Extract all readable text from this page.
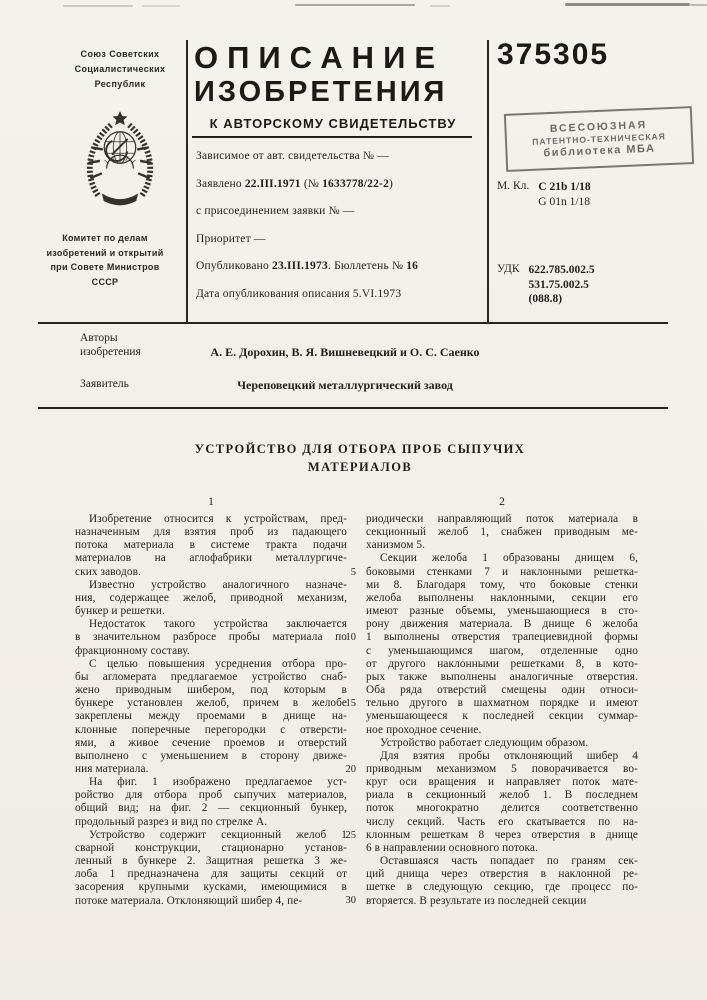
Союз Советских
Социалистических
Республик
Комитет по делам
изобретений и открытий
при Совете Министров
СССР
ОПИСАНИЕ
ИЗОБРЕТЕНИЯ
К АВТОРСКОМУ СВИДЕТЕЛЬСТВУ
Зависимое от авт. свидетельства № —
Заявлено 22.III.1971 (№ 1633778/22-2)
с присоединением заявки № —
Приоритет —
Опубликовано 23.III.1973. Бюллетень № 16
Дата опубликования описания 5.VI.1973
375305
ВСЕСОЮЗНАЯ
ПАТЕНТНО-ТЕХНИЧЕСКАЯ
библиотека МБА
М. Кл. C 21b 1/18
G 01n 1/18
УДК 622.785.002.5
531.75.002.5
(088.8)
Авторы
изобретения	А. Е. Дорохин, В. Я. Вишневецкий и О. С. Саенко
Заявитель	Череповецкий металлургический завод
УСТРОЙСТВО ДЛЯ ОТБОРА ПРОБ СЫПУЧИХ
МАТЕРИАЛОВ
1	2
Изобретение относится к устройствам, пред-
назначенным для взятия проб из падающего
потока материала в системе тракта подачи
материалов на аглофабрики металлургиче-
ских заводов.
Известно устройство аналогичного назначе-
ния, содержащее желоб, приводной механизм,
бункер и решетки.
Недостаток такого устройства заключается
в значительном разбросе пробы материала по
фракционному составу.
С целью повышения усреднения отбора про-
бы агломерата предлагаемое устройство снаб-
жено приводным шибером, под которым в
бункере установлен желоб, причем в желобе
закреплены между проемами в днище на-
клонные поперечные перегородки с отверсти-
ями, а живое сечение проемов и отверстий
выполнено с уменьшением в сторону движе-
ния материала.
На фиг. 1 изображено предлагаемое уст-
ройство для отбора проб сыпучих материалов,
общий вид; на фиг. 2 — секционный бункер,
продольный разрез и вид по стрелке А.
Устройство содержит секционный желоб 1
сварной конструкции, стационарно установ-
ленный в бункере 2. Защитная решетка 3 же-
лоба 1 предназначена для защиты секций от
засорения крупными кусками, имеющимися в
потоке материала. Отклоняющий шибер 4, пе-
риодически направляющий поток материала в
секционный желоб 1, снабжен приводным ме-
ханизмом 5.
Секции желоба 1 образованы днищем 6,
боковыми стенками 7 и наклонными решетка-
ми 8. Благодаря тому, что боковые стенки
желоба выполнены наклонными, секции его
имеют разные объемы, уменьшающиеся в сто-
рону движения материала. В днище 6 желоба
1 выполнены отверстия трапециевидной формы
с уменьшающимся шагом, отделенные одно
от другого наклонными решетками 8, в кото-
рых также выполнены аналогичные отверстия.
Оба ряда отверстий смещены один относи-
тельно другого в шахматном порядке и имеют
уменьшающееся к последней секции суммар-
ное проходное сечение.
Устройство работает следующим образом.
Для взятия пробы отклоняющий шибер 4
приводным механизмом 5 поворачивается во-
круг оси вращения и направляет поток мате-
риала в секционный желоб 1. В последнем
поток многократно делится соответственно
числу секций. Часть его скатывается по на-
клонным решеткам 8 через отверстия в днище
6 в направлении основного потока.
Оставшаяся часть попадает по граням сек-
ций днища через отверстия в наклонной ре-
шетке в следующую секцию, где процесс по-
вторяется. В результате из последней секции
5
10
15
20
25
30
